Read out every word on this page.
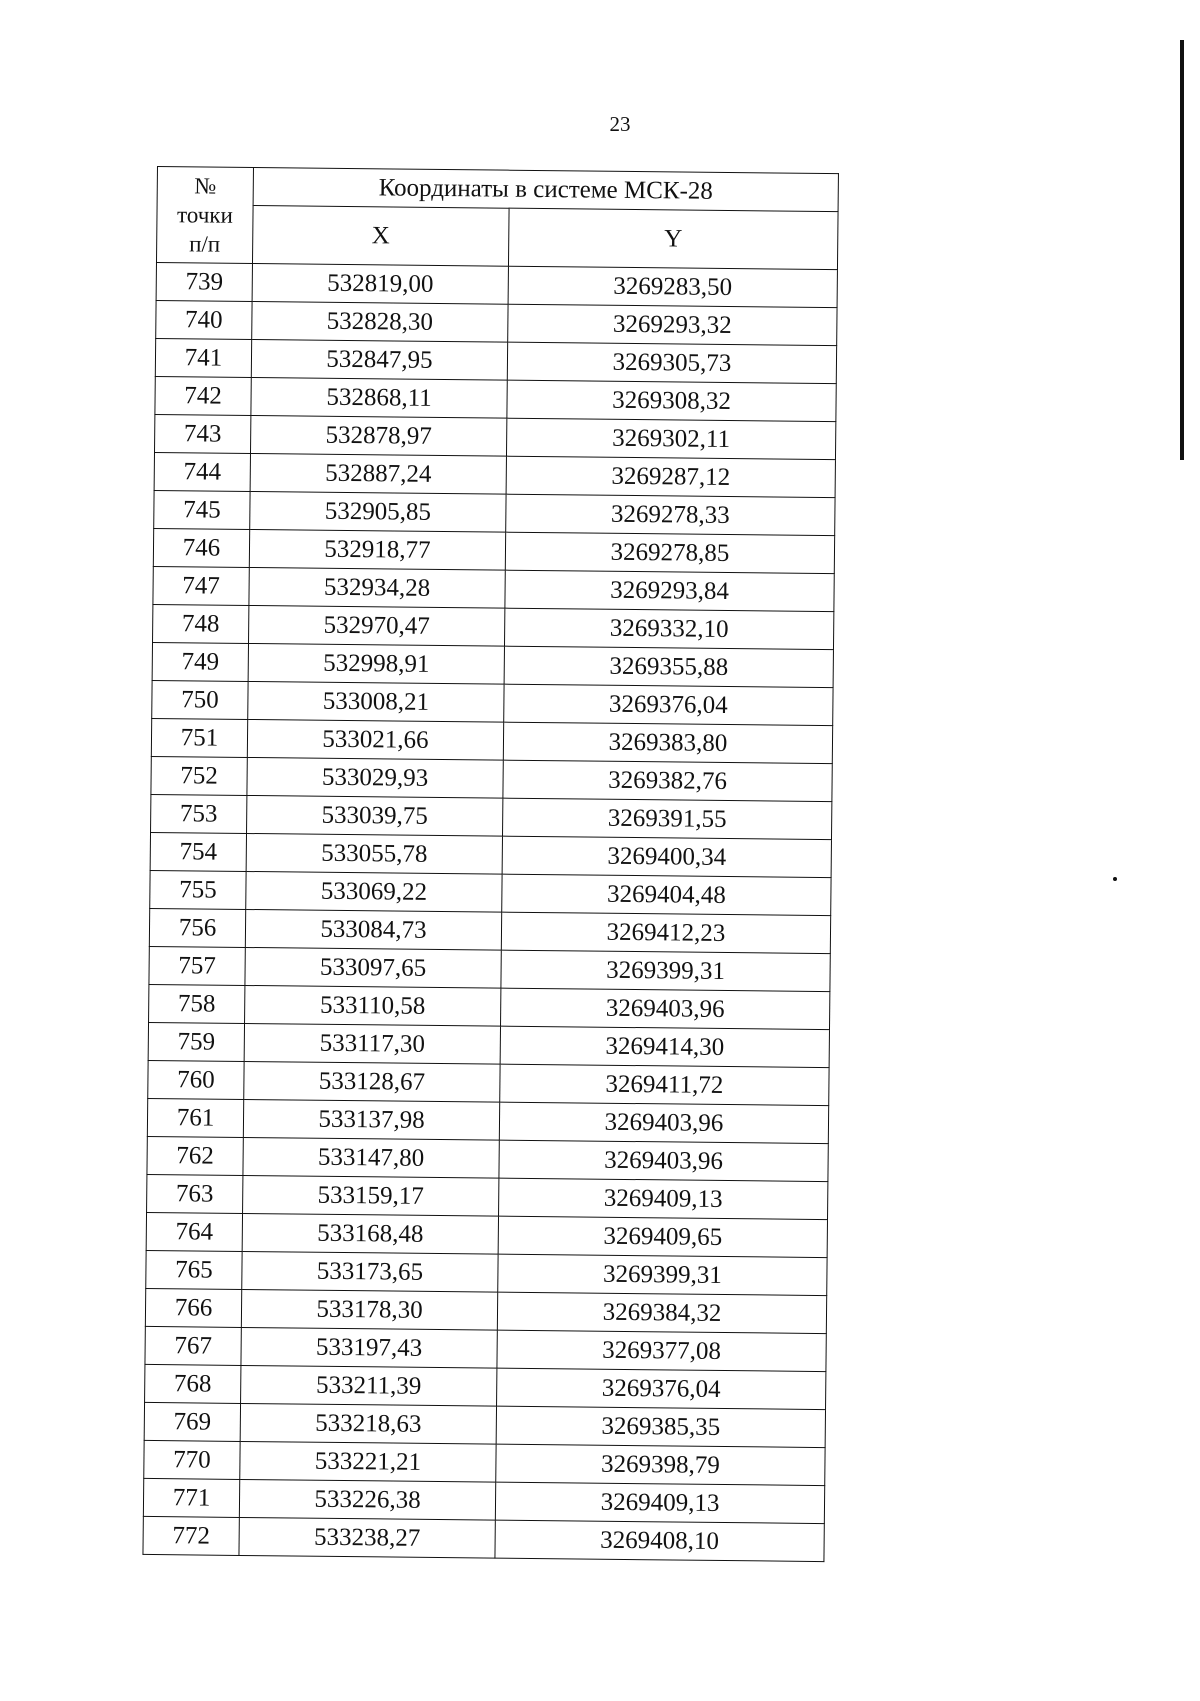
23
№
точки
п/п	Координаты в системе МСК-28	
	X	Y
739	532819,00	3269283,50
740	532828,30	3269293,32
741	532847,95	3269305,73
742	532868,11	3269308,32
743	532878,97	3269302,11
744	532887,24	3269287,12
745	532905,85	3269278,33
746	532918,77	3269278,85
747	532934,28	3269293,84
748	532970,47	3269332,10
749	532998,91	3269355,88
750	533008,21	3269376,04
751	533021,66	3269383,80
752	533029,93	3269382,76
753	533039,75	3269391,55
754	533055,78	3269400,34
755	533069,22	3269404,48
756	533084,73	3269412,23
757	533097,65	3269399,31
758	533110,58	3269403,96
759	533117,30	3269414,30
760	533128,67	3269411,72
761	533137,98	3269403,96
762	533147,80	3269403,96
763	533159,17	3269409,13
764	533168,48	3269409,65
765	533173,65	3269399,31
766	533178,30	3269384,32
767	533197,43	3269377,08
768	533211,39	3269376,04
769	533218,63	3269385,35
770	533221,21	3269398,79
771	533226,38	3269409,13
772	533238,27	3269408,10
